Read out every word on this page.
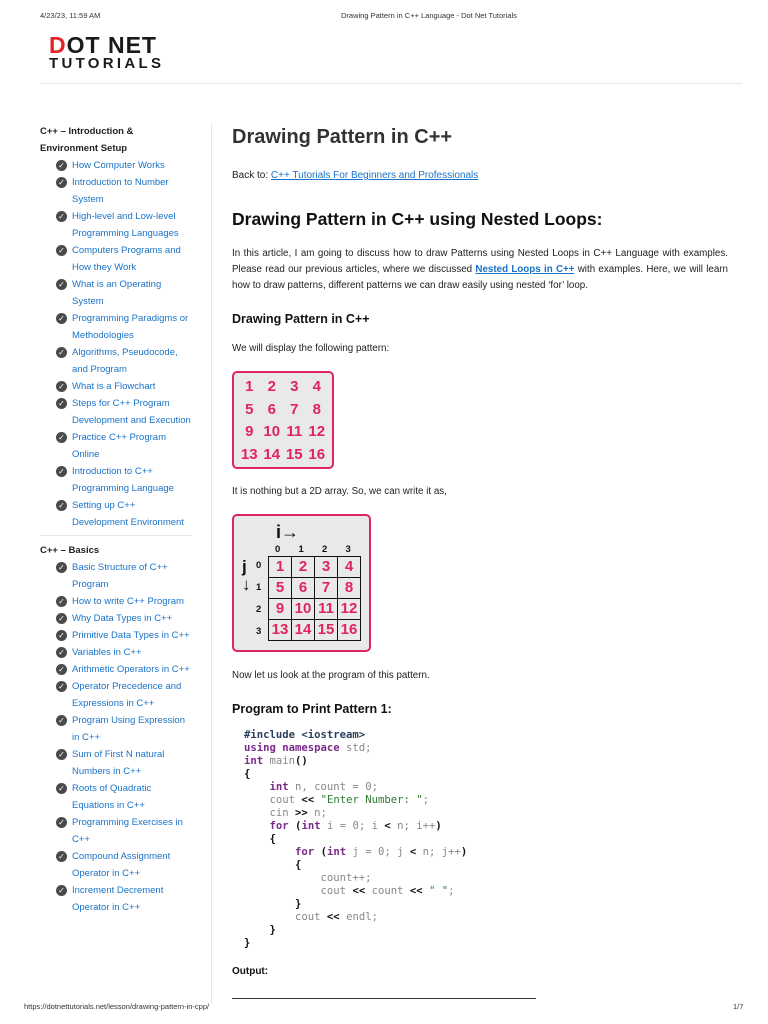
4/23/23, 11:59 AM	Drawing Pattern in C++ Language - Dot Net Tutorials
DOT NET
TUTORIALS
C++ – Introduction & Environment Setup
✓ How Computer Works
✓ Introduction to Number System
✓ High-level and Low-level Programming Languages
✓ Computers Programs and How they Work
✓ What is an Operating System
✓ Programming Paradigms or Methodologies
✓ Algorithms, Pseudocode, and Program
✓ What is a Flowchart
✓ Steps for C++ Program Development and Execution
✓ Practice C++ Program Online
✓ Introduction to C++ Programming Language
✓ Setting up C++ Development Environment
C++ – Basics
✓ Basic Structure of C++ Program
✓ How to write C++ Program
✓ Why Data Types in C++
✓ Primitive Data Types in C++
✓ Variables in C++
✓ Arithmetic Operators in C++
✓ Operator Precedence and Expressions in C++
✓ Program Using Expression in C++
✓ Sum of First N natural Numbers in C++
✓ Roots of Quadratic Equations in C++
✓ Programming Exercises in C++
✓ Compound Assignment Operator in C++
✓ Increment Decrement Operator in C++
Drawing Pattern in C++
Back to: C++ Tutorials For Beginners and Professionals
Drawing Pattern in C++ using Nested Loops:
In this article, I am going to discuss how to draw Patterns using Nested Loops in C++ Language with examples. Please read our previous articles, where we discussed Nested Loops in C++ with examples. Here, we will learn how to draw patterns, different patterns we can draw easily using nested ‘for’ loop.
Drawing Pattern in C++
We will display the following pattern:
1 2 3 4
5 6 7 8
9 10 11 12
13 14 15 16
It is nothing but a 2D array. So, we can write it as,
i→
0 1 2 3
j
↓
0
1
2
3
1	2	3	4
5	6	7	8
9	10	11	12
13	14	15	16
Now let us look at the program of this pattern.
Program to Print Pattern 1:
#include <iostream>
using namespace std;
int main()
{
int n, count = 0;
cout << "Enter Number: ";
cin >> n;
for (int i = 0; i < n; i++)
{
for (int j = 0; j < n; j++)
{
count++;
cout << count << " ";
}
cout << endl;
}
}
Output:
https://dotnettutorials.net/lesson/drawing-pattern-in-cpp/	1/7
